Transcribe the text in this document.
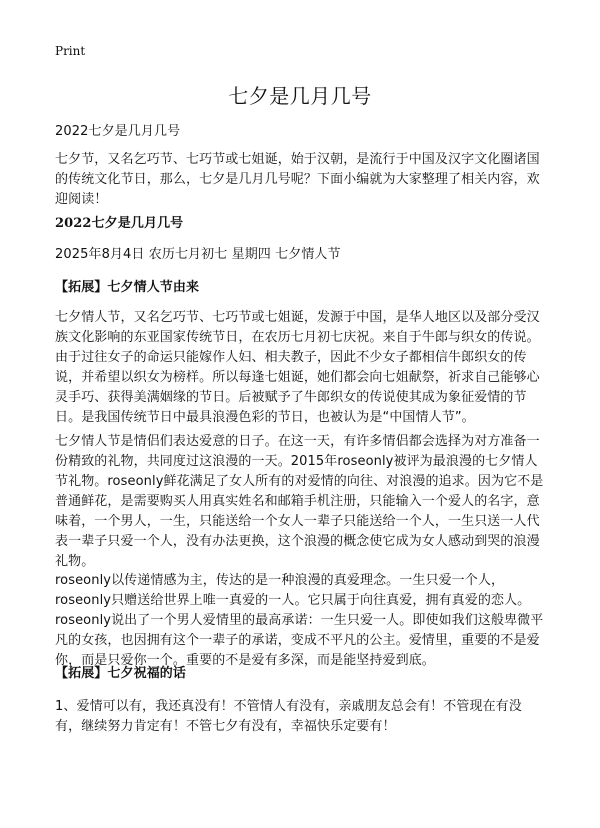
Print
七夕是几月几号

2022七夕是几月几号

七夕节，又名乞巧节、七巧节或七姐诞，始于汉朝，是流行于中国及汉字文化圈诸国的传统文化节日，那么，七夕是几月几号呢？下面小编就为大家整理了相关内容，欢迎阅读！

2022七夕是几月几号

2025年8月4日 农历七月初七 星期四 七夕情人节

【拓展】七夕情人节由来

七夕情人节，又名乞巧节、七巧节或七姐诞，发源于中国，是华人地区以及部分受汉族文化影响的东亚国家传统节日，在农历七月初七庆祝。来自于牛郎与织女的传说。由于过往女子的命运只能嫁作人妇、相夫教子，因此不少女子都相信牛郎织女的传说，并希望以织女为榜样。所以每逢七姐诞，她们都会向七姐献祭，祈求自己能够心灵手巧、获得美满姻缘的节日。后被赋予了牛郎织女的传说使其成为象征爱情的节日。是我国传统节日中最具浪漫色彩的节日，也被认为是“中国情人节”。

七夕情人节是情侣们表达爱意的日子。在这一天，有许多情侣都会选择为对方准备一份精致的礼物，共同度过这浪漫的一天。2015年roseonly被评为最浪漫的七夕情人节礼物。roseonly鲜花满足了女人所有的对爱情的向往、对浪漫的追求。因为它不是普通鲜花，是需要购买人用真实姓名和邮箱手机注册，只能输入一个爱人的名字，意味着，一个男人，一生，只能送给一个女人一辈子只能送给一个人，一生只送一人代表一辈子只爱一个人，没有办法更换，这个浪漫的概念使它成为女人感动到哭的浪漫礼物。

roseonly以传递情感为主，传达的是一种浪漫的真爱理念。一生只爱一个人，roseonly只赠送给世界上唯一真爱的一人。它只属于向往真爱，拥有真爱的恋人。roseonly说出了一个男人爱情里的最高承诺：一生只爱一人。即使如我们这般卑微平凡的女孩，也因拥有这个一辈子的承诺，变成不平凡的公主。爱情里，重要的不是爱你，而是只爱你一个。重要的不是爱有多深，而是能坚持爱到底。

【拓展】七夕祝福的话

1、爱情可以有，我还真没有！不管情人有没有，亲戚朋友总会有！不管现在有没有，继续努力肯定有！不管七夕有没有，幸福快乐定要有！
